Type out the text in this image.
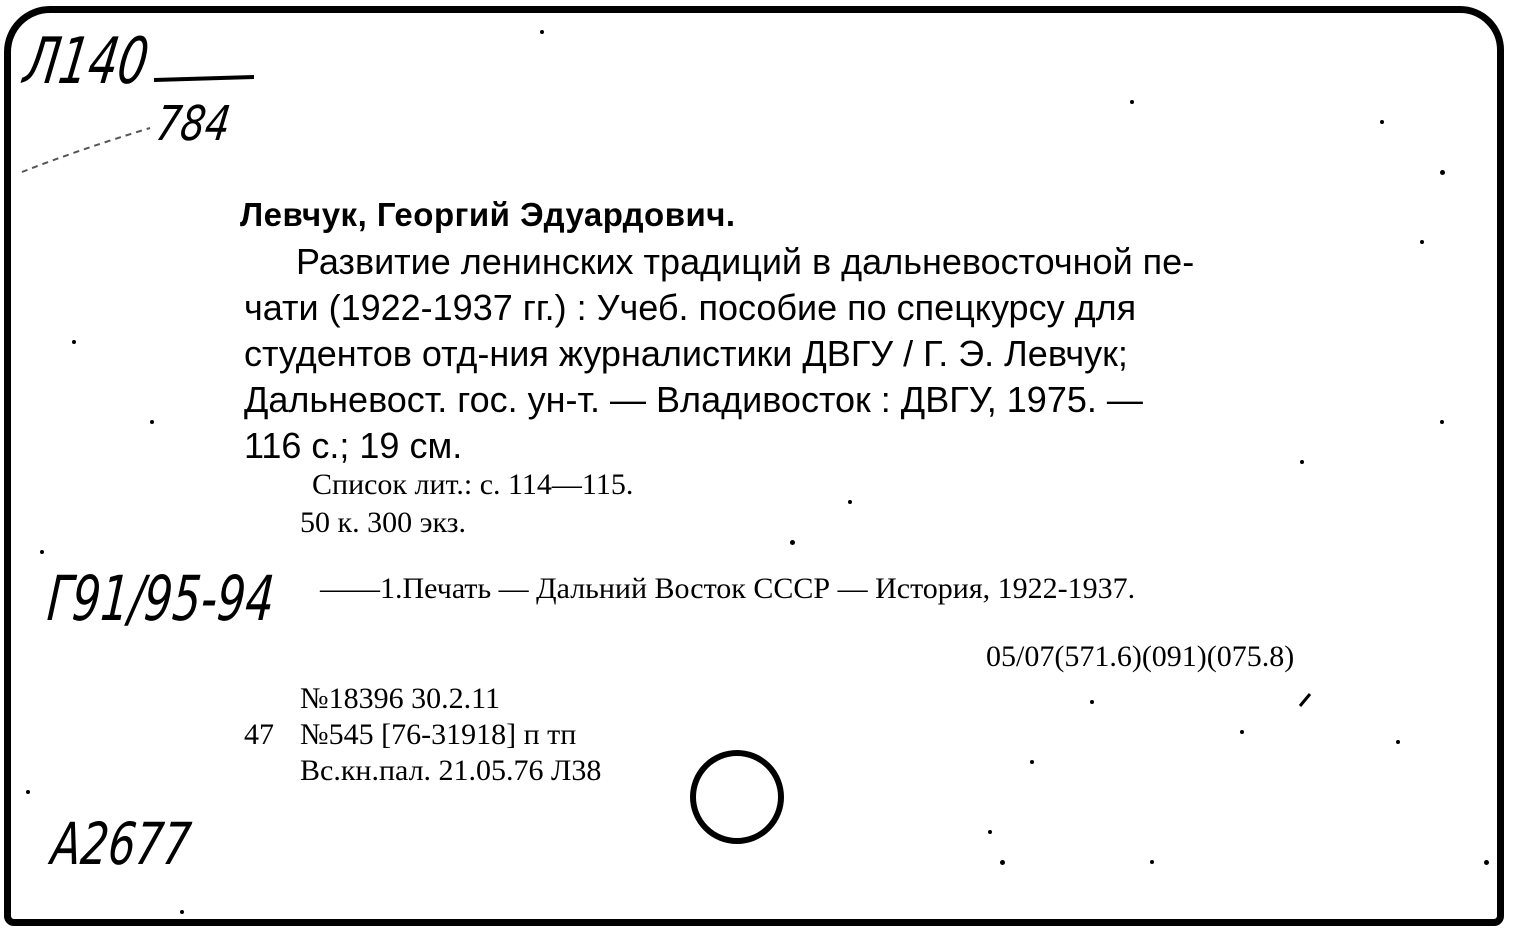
Л140
784
Левчук, Георгий Эдуардович.
Развитие ленинских традиций в дальневосточной пе-
чати (1922-1937 гг.) : Учеб. пособие по спецкурсу для
студентов отд-ния журналистики ДВГУ / Г. Э. Левчук;
Дальневост. гос. ун-т. — Владивосток : ДВГУ, 1975. —
116 с.; 19 см.
Список лит.: с. 114—115.
50 к. 300 экз.
Г91/95-94 ——1.Печать — Дальний Восток СССР — История, 1922-1937.
05/07(571.6)(091)(075.8)
№18396 30.2.11
47 №545 [76-31918] п тп
Вс.кн.пал. 21.05.76 Л38
А2677
